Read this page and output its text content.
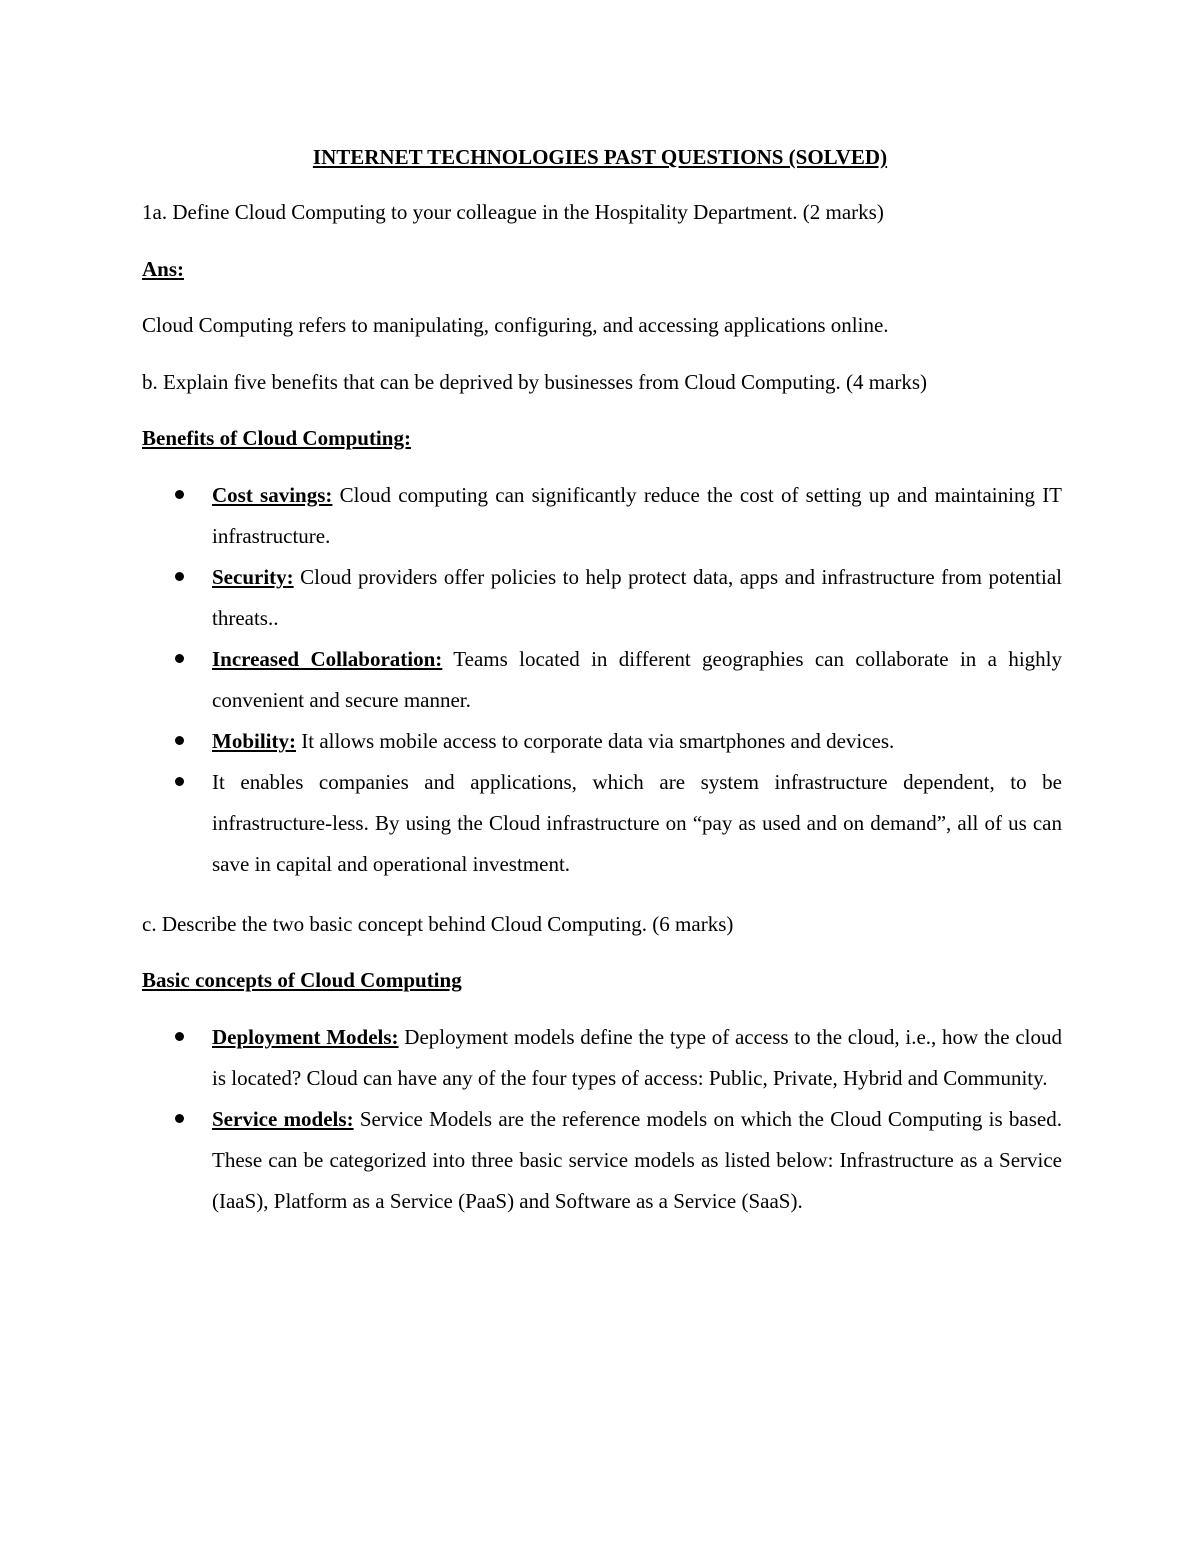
INTERNET TECHNOLOGIES PAST QUESTIONS (SOLVED)
1a. Define Cloud Computing to your colleague in the Hospitality Department. (2 marks)
Ans:
Cloud Computing refers to manipulating, configuring, and accessing applications online.
b. Explain five benefits that can be deprived by businesses from Cloud Computing. (4 marks)
Benefits of Cloud Computing:
Cost savings: Cloud computing can significantly reduce the cost of setting up and maintaining IT infrastructure.
Security: Cloud providers offer policies to help protect data, apps and infrastructure from potential threats..
Increased Collaboration: Teams located in different geographies can collaborate in a highly convenient and secure manner.
Mobility: It allows mobile access to corporate data via smartphones and devices.
It enables companies and applications, which are system infrastructure dependent, to be infrastructure-less. By using the Cloud infrastructure on “pay as used and on demand”, all of us can save in capital and operational investment.
c. Describe the two basic concept behind Cloud Computing. (6 marks)
Basic concepts of Cloud Computing
Deployment Models: Deployment models define the type of access to the cloud, i.e., how the cloud is located? Cloud can have any of the four types of access: Public, Private, Hybrid and Community.
Service models: Service Models are the reference models on which the Cloud Computing is based. These can be categorized into three basic service models as listed below: Infrastructure as a Service (IaaS), Platform as a Service (PaaS) and Software as a Service (SaaS).
